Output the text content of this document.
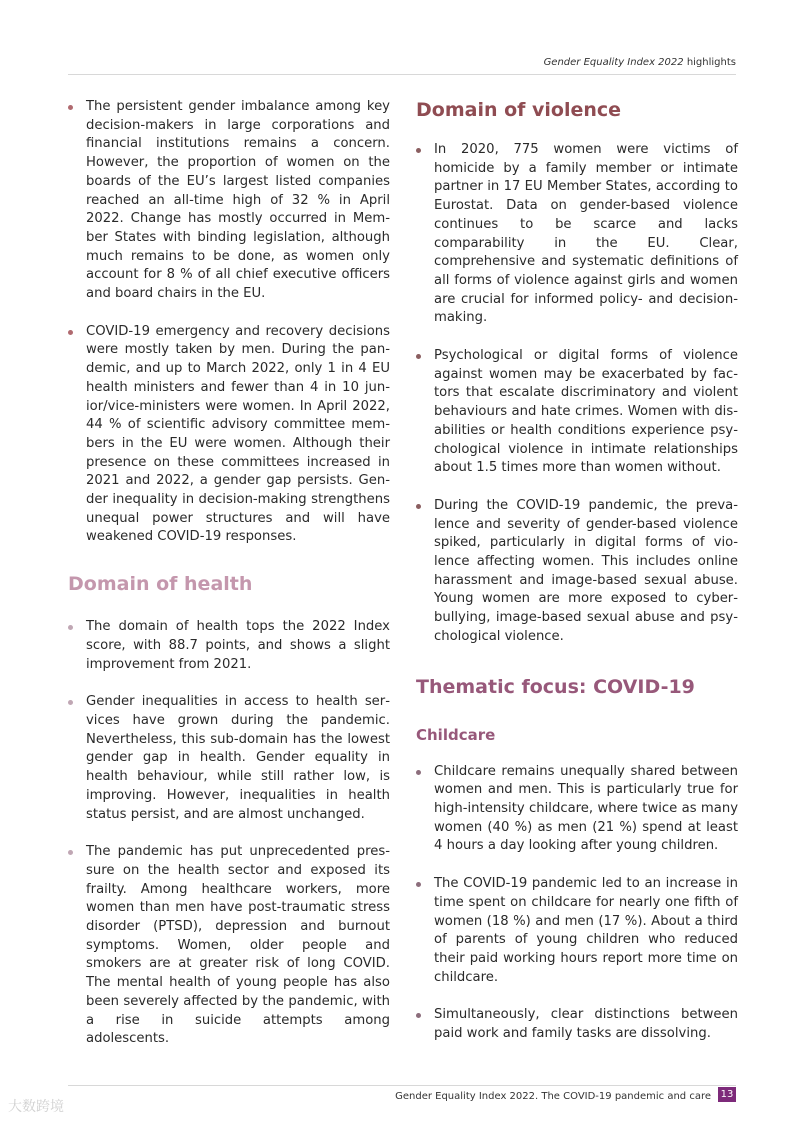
Gender Equality Index 2022 highlights

The persistent gender imbalance among key decision-makers in large corporations and financial institutions remains a concern. However, the proportion of women on the boards of the EU’s largest listed companies reached an all-time high of 32 % in April 2022. Change has mostly occurred in Member States with binding legislation, although much remains to be done, as women only account for 8 % of all chief executive officers and board chairs in the EU.

COVID-19 emergency and recovery decisions were mostly taken by men. During the pandemic, and up to March 2022, only 1 in 4 EU health ministers and fewer than 4 in 10 junior/vice-ministers were women. In April 2022, 44 % of scientific advisory committee members in the EU were women. Although their presence on these committees increased in 2021 and 2022, a gender gap persists. Gender inequality in decision-making strengthens unequal power structures and will have weakened COVID-19 responses.

Domain of health

The domain of health tops the 2022 Index score, with 88.7 points, and shows a slight improvement from 2021.

Gender inequalities in access to health services have grown during the pandemic. Nevertheless, this sub-domain has the lowest gender gap in health. Gender equality in health behaviour, while still rather low, is improving. However, inequalities in health status persist, and are almost unchanged.

The pandemic has put unprecedented pressure on the health sector and exposed its frailty. Among healthcare workers, more women than men have post-traumatic stress disorder (PTSD), depression and burnout symptoms. Women, older people and smokers are at greater risk of long COVID. The mental health of young people has also been severely affected by the pandemic, with a rise in suicide attempts among adolescents.

Domain of violence

In 2020, 775 women were victims of homicide by a family member or intimate partner in 17 EU Member States, according to Eurostat. Data on gender-based violence continues to be scarce and lacks comparability in the EU. Clear, comprehensive and systematic definitions of all forms of violence against girls and women are crucial for informed policy- and decision-making.

Psychological or digital forms of violence against women may be exacerbated by factors that escalate discriminatory and violent behaviours and hate crimes. Women with disabilities or health conditions experience psychological violence in intimate relationships about 1.5 times more than women without.

During the COVID-19 pandemic, the prevalence and severity of gender-based violence spiked, particularly in digital forms of violence affecting women. This includes online harassment and image-based sexual abuse. Young women are more exposed to cyberbullying, image-based sexual abuse and psychological violence.

Thematic focus: COVID-19
Childcare

Childcare remains unequally shared between women and men. This is particularly true for high-intensity childcare, where twice as many women (40 %) as men (21 %) spend at least 4 hours a day looking after young children.

The COVID-19 pandemic led to an increase in time spent on childcare for nearly one fifth of women (18 %) and men (17 %). About a third of parents of young children who reduced their paid working hours report more time on childcare.

Simultaneously, clear distinctions between paid work and family tasks are dissolving.

Gender Equality Index 2022. The COVID-19 pandemic and care 13
大数跨境
